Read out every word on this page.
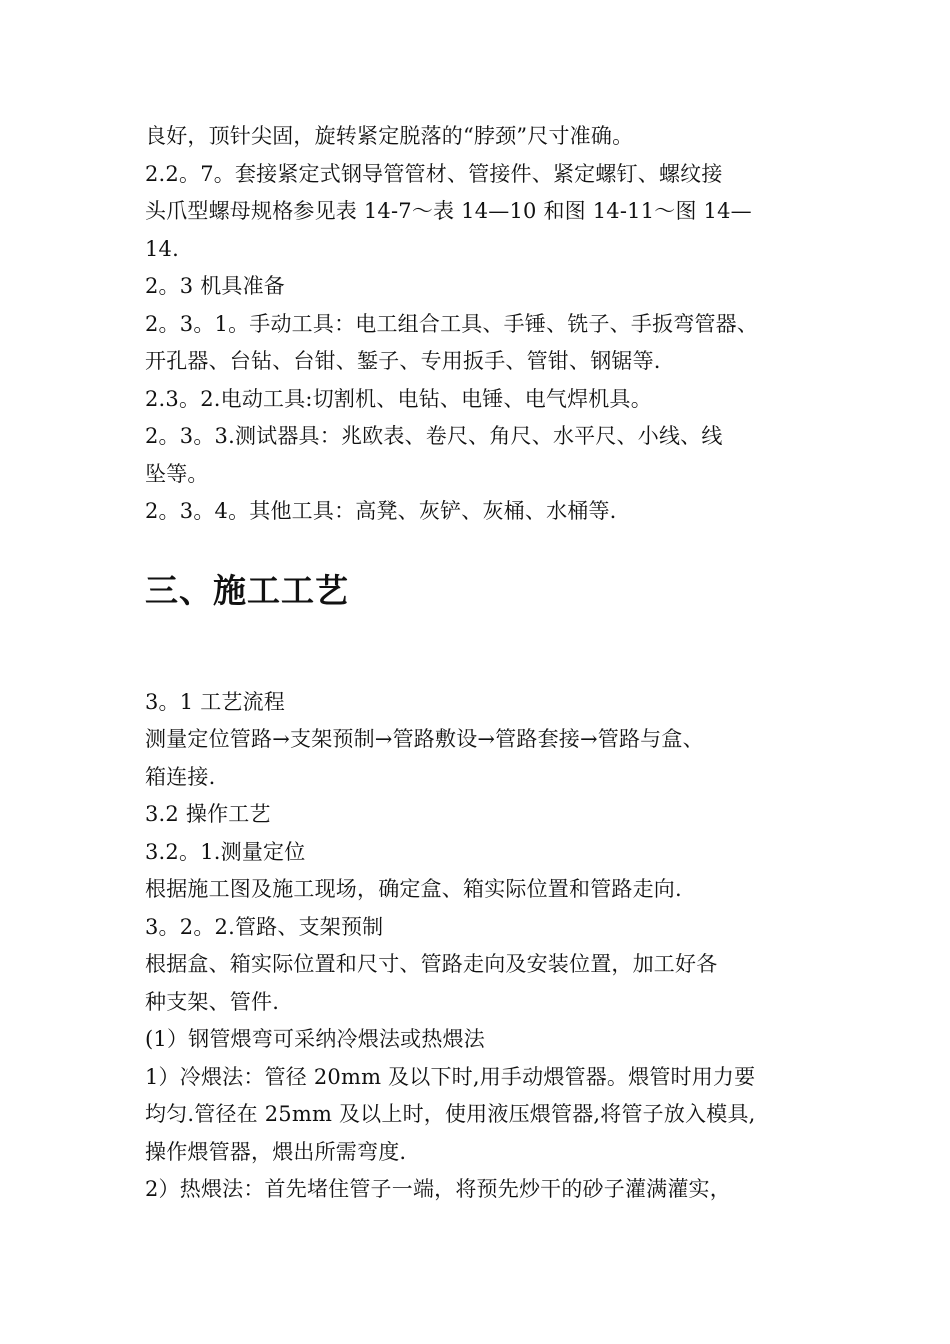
良好，顶针尖固，旋转紧定脱落的“脖颈”尺寸准确。
2.2。7。套接紧定式钢导管管材、管接件、紧定螺钉、螺纹接
头爪型螺母规格参见表 14-7～表 14—10 和图 14-11～图 14—
14.
2。3 机具准备
2。3。1。手动工具：电工组合工具、手锤、铣子、手扳弯管器、
开孔器、台钻、台钳、錾子、专用扳手、管钳、钢锯等.
2.3。2.电动工具:切割机、电钻、电锤、电气焊机具。
2。3。3.测试器具：兆欧表、卷尺、角尺、水平尺、小线、线
坠等。
2。3。4。其他工具：高凳、灰铲、灰桶、水桶等.
三、施工工艺
3。1 工艺流程
测量定位管路→支架预制→管路敷设→管路套接→管路与盒、
箱连接.
3.2 操作工艺
3.2。1.测量定位
根据施工图及施工现场，确定盒、箱实际位置和管路走向.
3。2。2.管路、支架预制
根据盒、箱实际位置和尺寸、管路走向及安装位置，加工好各
种支架、管件.
(1）钢管煨弯可采纳冷煨法或热煨法
1）冷煨法：管径 20mm 及以下时,用手动煨管器。煨管时用力要
均匀.管径在 25mm 及以上时，使用液压煨管器,将管子放入模具,
操作煨管器，煨出所需弯度.
2）热煨法：首先堵住管子一端，将预先炒干的砂子灌满灌实，
